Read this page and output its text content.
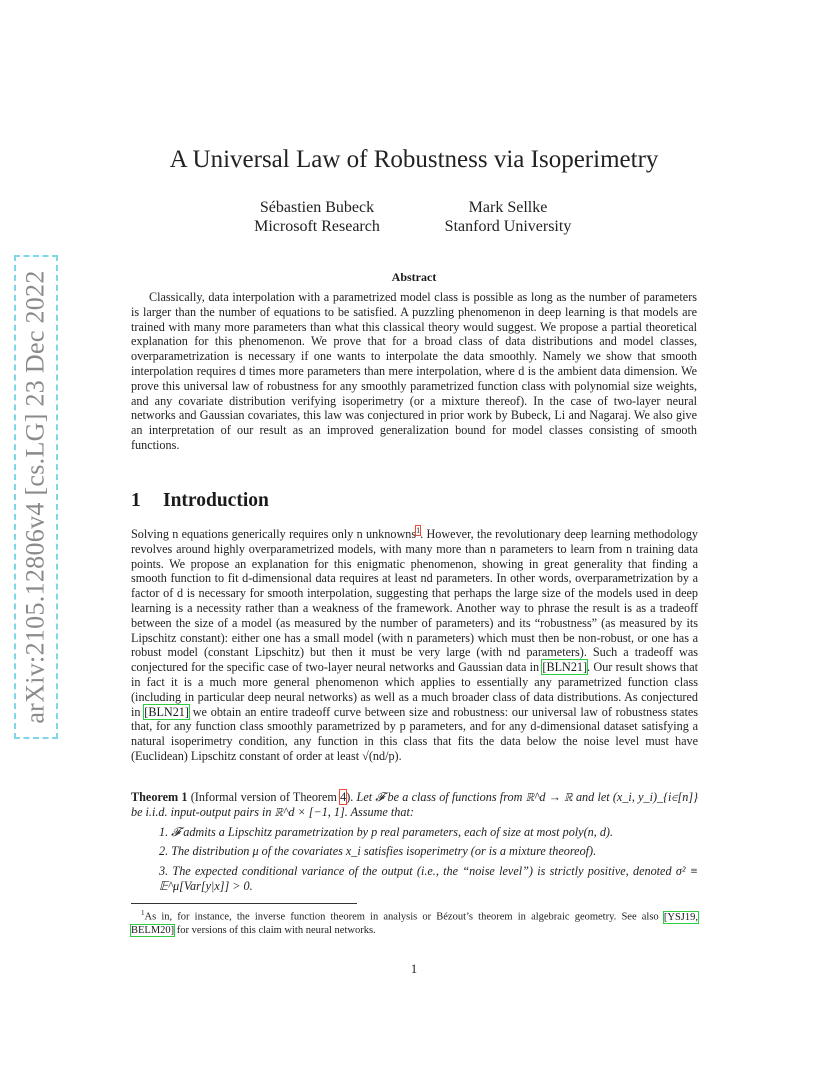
arXiv:2105.12806v4 [cs.LG] 23 Dec 2022
A Universal Law of Robustness via Isoperimetry
Sébastien Bubeck
Microsoft Research
Mark Sellke
Stanford University
Abstract
Classically, data interpolation with a parametrized model class is possible as long as the number of parameters is larger than the number of equations to be satisfied. A puzzling phenomenon in deep learning is that models are trained with many more parameters than what this classical theory would suggest. We propose a partial theoretical explanation for this phenomenon. We prove that for a broad class of data distributions and model classes, overparametrization is necessary if one wants to interpolate the data smoothly. Namely we show that smooth interpolation requires d times more parameters than mere interpolation, where d is the ambient data dimension. We prove this universal law of robustness for any smoothly parametrized function class with polynomial size weights, and any covariate distribution verifying isoperimetry (or a mixture thereof). In the case of two-layer neural networks and Gaussian covariates, this law was conjectured in prior work by Bubeck, Li and Nagaraj. We also give an interpretation of our result as an improved generalization bound for model classes consisting of smooth functions.
1 Introduction
Solving n equations generically requires only n unknowns$^1$. However, the revolutionary deep learning methodology revolves around highly overparametrized models, with many more than n parameters to learn from n training data points. We propose an explanation for this enigmatic phenomenon, showing in great generality that finding a smooth function to fit d-dimensional data requires at least nd parameters. In other words, overparametrization by a factor of d is necessary for smooth interpolation, suggesting that perhaps the large size of the models used in deep learning is a necessity rather than a weakness of the framework. Another way to phrase the result is as a tradeoff between the size of a model (as measured by the number of parameters) and its “robustness” (as measured by its Lipschitz constant): either one has a small model (with n parameters) which must then be non-robust, or one has a robust model (constant Lipschitz) but then it must be very large (with nd parameters). Such a tradeoff was conjectured for the specific case of two-layer neural networks and Gaussian data in [BLN21]. Our result shows that in fact it is a much more general phenomenon which applies to essentially any parametrized function class (including in particular deep neural networks) as well as a much broader class of data distributions. As conjectured in [BLN21] we obtain an entire tradeoff curve between size and robustness: our universal law of robustness states that, for any function class smoothly parametrized by p parameters, and for any d-dimensional dataset satisfying a natural isoperimetry condition, any function in this class that fits the data below the noise level must have (Euclidean) Lipschitz constant of order at least √(nd/p).
Theorem 1 (Informal version of Theorem 4). Let 𝓕 be a class of functions from ℝ^d → ℝ and let (x_i, y_i)_{i∈[n]} be i.i.d. input-output pairs in ℝ^d × [−1, 1]. Assume that:
1. 𝓕 admits a Lipschitz parametrization by p real parameters, each of size at most poly(n, d).
2. The distribution μ of the covariates x_i satisfies isoperimetry (or is a mixture theoreof).
3. The expected conditional variance of the output (i.e., the “noise level”) is strictly positive, denoted σ² ≡ 𝔼^μ[Var[y|x]] > 0.
$^1$As in, for instance, the inverse function theorem in analysis or Bézout’s theorem in algebraic geometry. See also [YSJ19, BELM20] for versions of this claim with neural networks.
1
